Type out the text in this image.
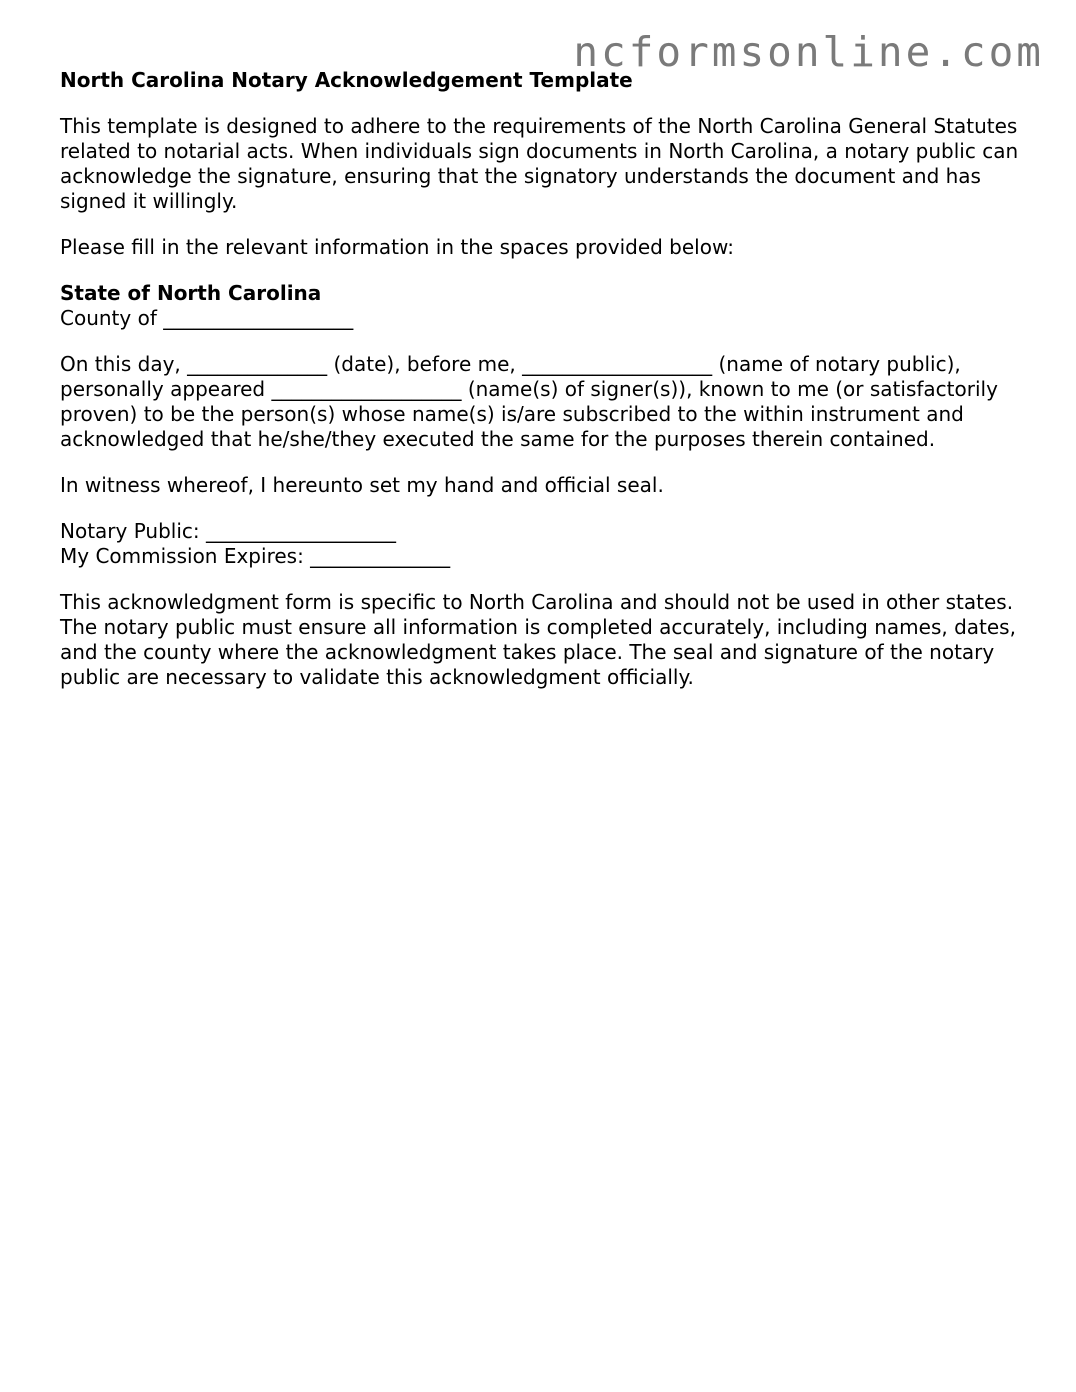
ncformsonline.com

North Carolina Notary Acknowledgement Template

This template is designed to adhere to the requirements of the North Carolina General Statutes related to notarial acts. When individuals sign documents in North Carolina, a notary public can acknowledge the signature, ensuring that the signatory understands the document and has signed it willingly.

Please fill in the relevant information in the spaces provided below:

State of North Carolina
County of ___________________

On this day, ______________ (date), before me, ___________________ (name of notary public), personally appeared ___________________ (name(s) of signer(s)), known to me (or satisfactorily proven) to be the person(s) whose name(s) is/are subscribed to the within instrument and acknowledged that he/she/they executed the same for the purposes therein contained.

In witness whereof, I hereunto set my hand and official seal.

Notary Public: ___________________
My Commission Expires: ______________

This acknowledgment form is specific to North Carolina and should not be used in other states. The notary public must ensure all information is completed accurately, including names, dates, and the county where the acknowledgment takes place. The seal and signature of the notary public are necessary to validate this acknowledgment officially.
